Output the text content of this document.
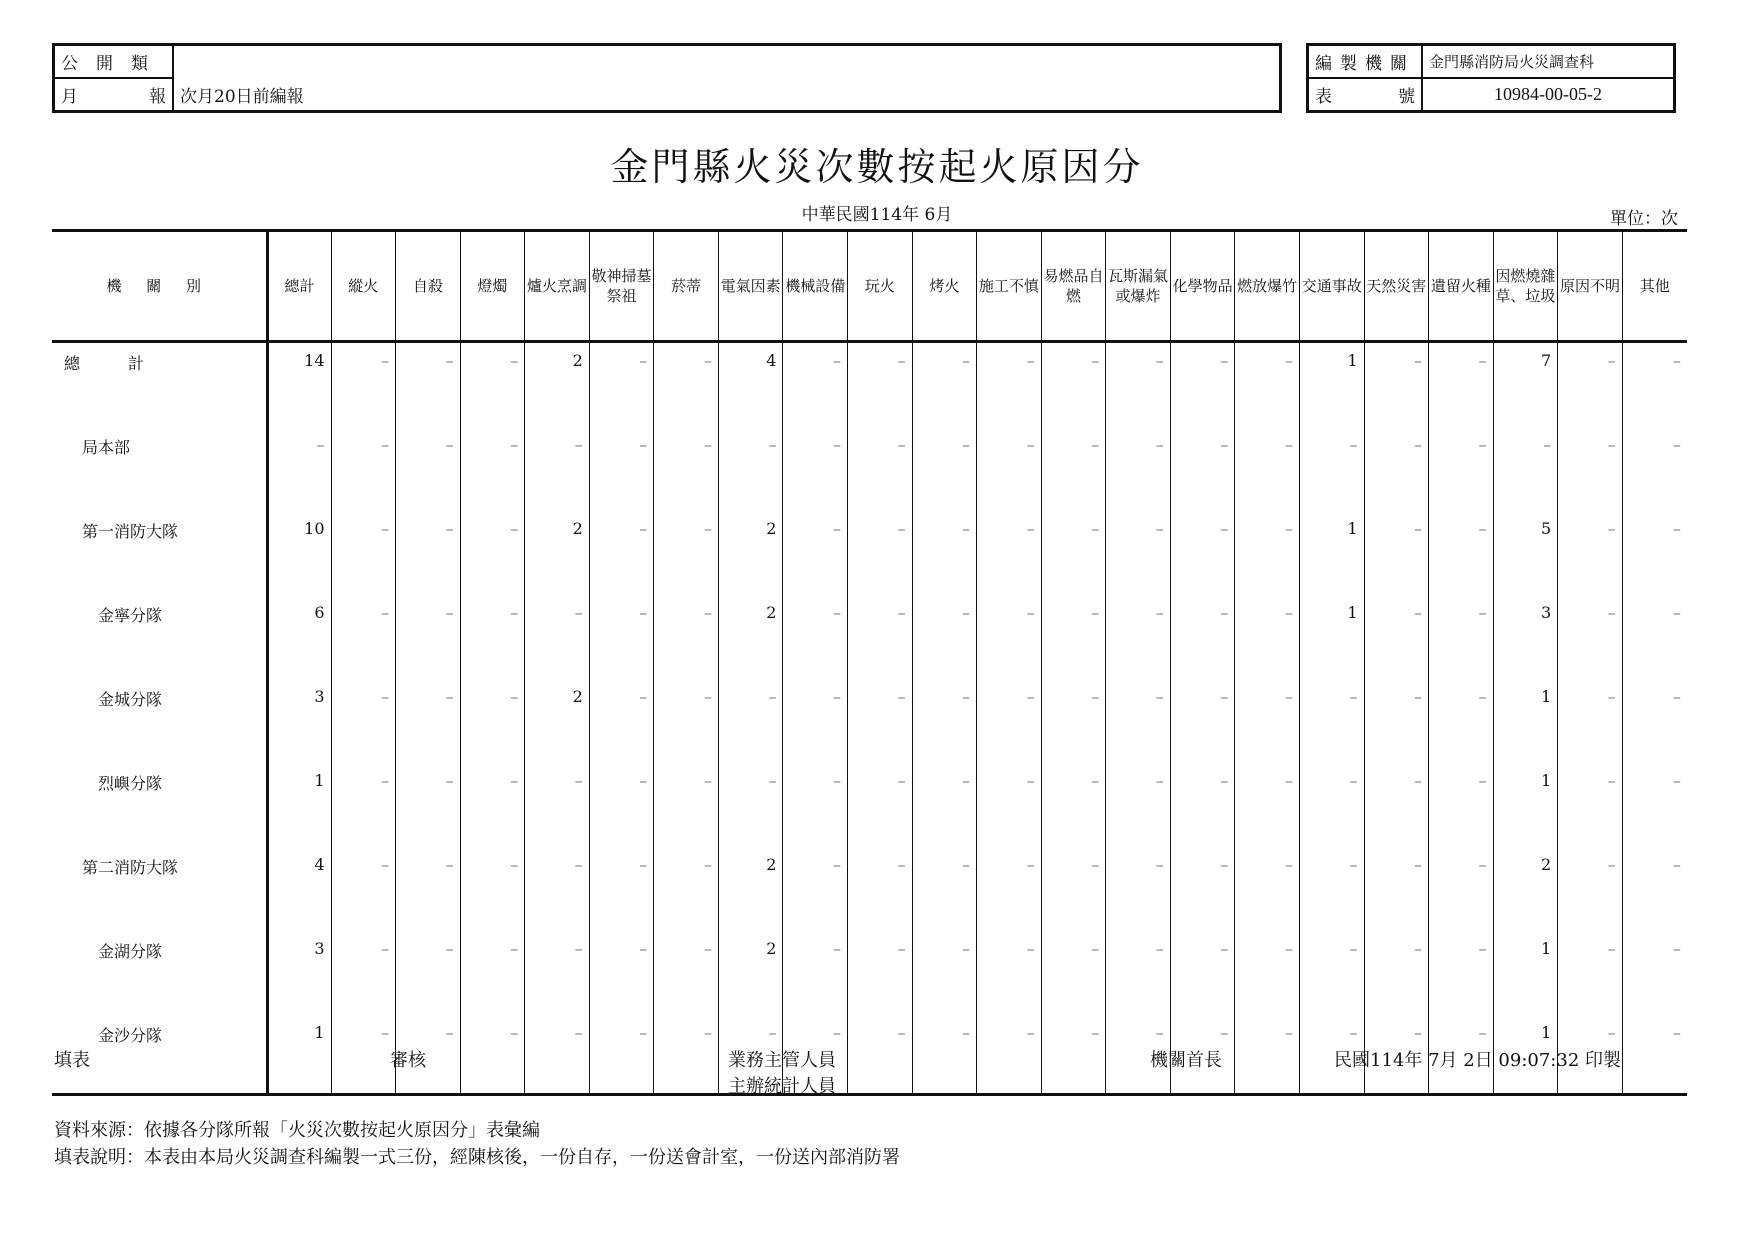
公開類	
月報	次月20日前編報
編製機關	金門縣消防局火災調查科
表號	10984-00-05-2
金門縣火災次數按起火原因分
中華民國114年 6月	單位：次
機 關 別	總計	縱火	自殺	燈燭	爐火烹調	敬神掃墓祭祖	菸蒂	電氣因素	機械設備	玩火	烤火	施工不慎	易燃品自燃	瓦斯漏氣或爆炸	化學物品	燃放爆竹	交通事故	天然災害	遺留火種	因燃燒雜草、垃圾	原因不明	其他
總　　　計	14	–	–	–	2	–	–	4	–	–	–	–	–	–	–	–	1	–	–	7	–	–
局本部	–	–	–	–	–	–	–	–	–	–	–	–	–	–	–	–	–	–	–	–	–	–
第一消防大隊	10	–	–	–	2	–	–	2	–	–	–	–	–	–	–	–	1	–	–	5	–	–
金寧分隊	6	–	–	–	–	–	–	2	–	–	–	–	–	–	–	–	1	–	–	3	–	–
金城分隊	3	–	–	–	2	–	–	–	–	–	–	–	–	–	–	–	–	–	–	1	–	–
烈嶼分隊	1	–	–	–	–	–	–	–	–	–	–	–	–	–	–	–	–	–	–	1	–	–
第二消防大隊	4	–	–	–	–	–	–	2	–	–	–	–	–	–	–	–	–	–	–	2	–	–
金湖分隊	3	–	–	–	–	–	–	2	–	–	–	–	–	–	–	–	–	–	–	1	–	–
金沙分隊	1	–	–	–	–	–	–	–	–	–	–	–	–	–	–	–	–	–	–	1	–	–
填表	審核	業務主管人員
主辦統計人員
機關首長	民國114年 7月 2日 09:07:32 印製
資料來源：依據各分隊所報「火災次數按起火原因分」表彙編
填表說明：本表由本局火災調查科編製一式三份，經陳核後，一份自存，一份送會計室，一份送內部消防署
